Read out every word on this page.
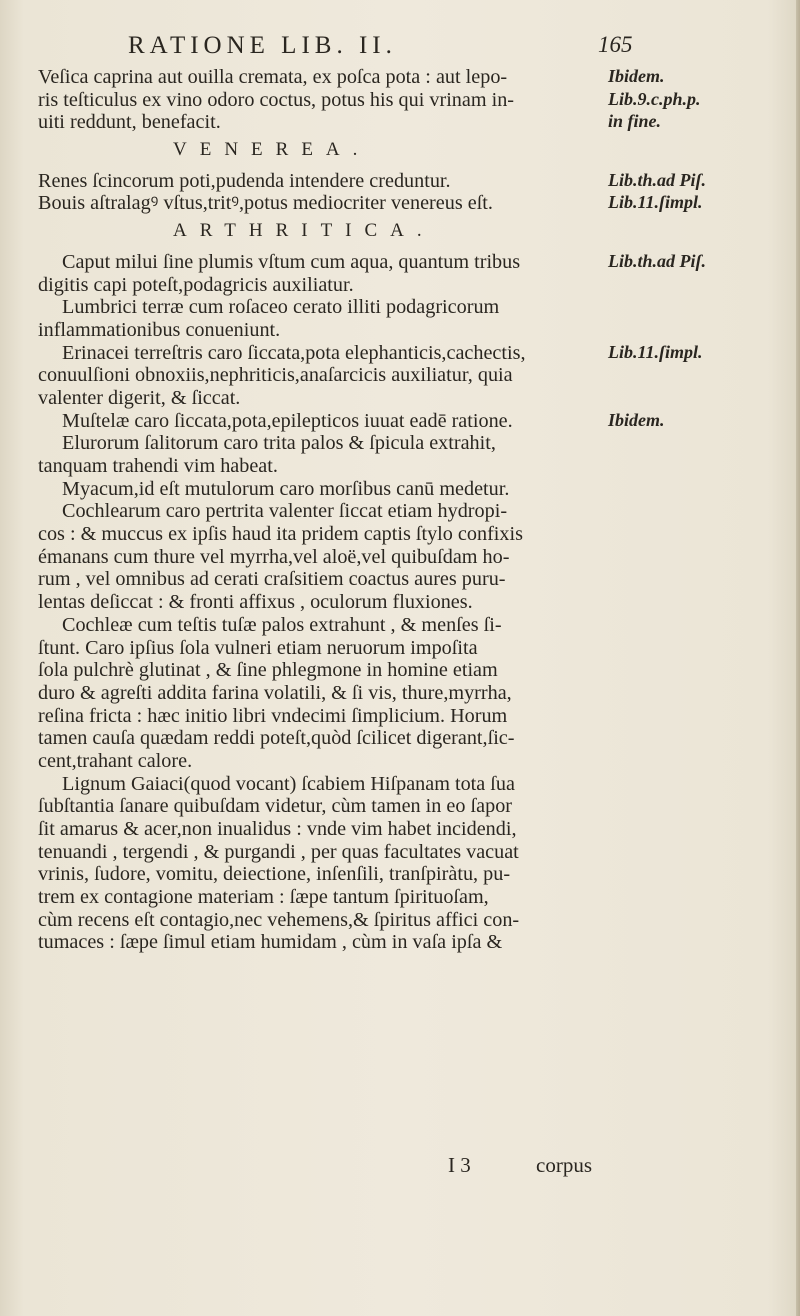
RATIONE LIB. II.	165
Veſica caprina aut ouilla cremata, ex poſca pota : aut lepo-
ris teſticulus ex vino odoro coctus, potus his qui vrinam in-
uiti reddunt, benefacit.
VENEREA.
Renes ſcincorum poti,pudenda intendere creduntur.
Bouis aſtralagꝰ vſtus,tritꝰ,potus mediocriter venereus eſt.
ARTHRITICA.
Caput milui ſine plumis vſtum cum aqua, quantum tribus
digitis capi poteſt,podagricis auxiliatur.
Lumbrici terræ cum roſaceo cerato illiti podagricorum
inflammationibus conueniunt.
Erinacei terreſtris caro ſiccata,pota elephanticis,cacheсtis,
conuulſioni obnoxiis,nephriticis,anaſarcicis auxiliatur, quia
valenter digerit, & ſiccat.
Muſtelæ caro ſiccata,pota,epilepticos iuuat eadē ratione.
Elurorum ſalitorum caro trita palos & ſpicula extrahit,
tanquam trahendi vim habeat.
Myacum,id eſt mutulorum caro morſibus canū medetur.
Cochlearum caro pertrita valenter ſiccat etiam hydropi-
cos : & muccus ex ipſis haud ita pridem captis ſtylo confixis
émanans cum thure vel myrrha,vel aloë,vel quibuſdam ho-
rum , vel omnibus ad cerati craſsitiem coactus aures puru-
lentas deſiccat : & fronti affixus , oculorum fluxiones.
Cochleæ cum teſtis tuſæ palos extrahunt , & menſes ſi-
ſtunt. Caro ipſius ſola vulneri etiam neruorum impoſita
ſola pulchrè glutinat , & ſine phlegmone in homine etiam
duro & agreſti addita farina volatili, & ſi vis, thure,myrrha,
reſina fricta : hæc initio libri vndecimi ſimplicium. Horum
tamen cauſa quædam reddi poteſt,quòd ſcilicet digerant,ſic-
cent,trahant calore.
Lignum Gaiaci(quod vocant) ſcabiem Hiſpanam tota ſua
ſubſtantia ſanare quibuſdam videtur, cùm tamen in eo ſapor
ſit amarus & acer,non inualidus : vnde vim habet incidendi,
tenuandi , tergendi , & purgandi , per quas facultates vacuat
vrinis, ſudore, vomitu, deiectione, inſenſili, tranſpiràtu, pu-
trem ex contagione materiam : ſæpe tantum ſpirituoſam,
cùm recens eſt contagio,nec vehemens,& ſpiritus affici con-
tumaces : ſæpe ſimul etiam humidam , cùm in vaſa ipſa &
Ibidem.
Lib.9.c.ph.p.
in fine.
Lib.th.ad Piſ.
Lib.11.ſimpl.
Lib.th.ad Piſ.
Lib.11.ſimpl.
Ibidem.
I 3	corpus
